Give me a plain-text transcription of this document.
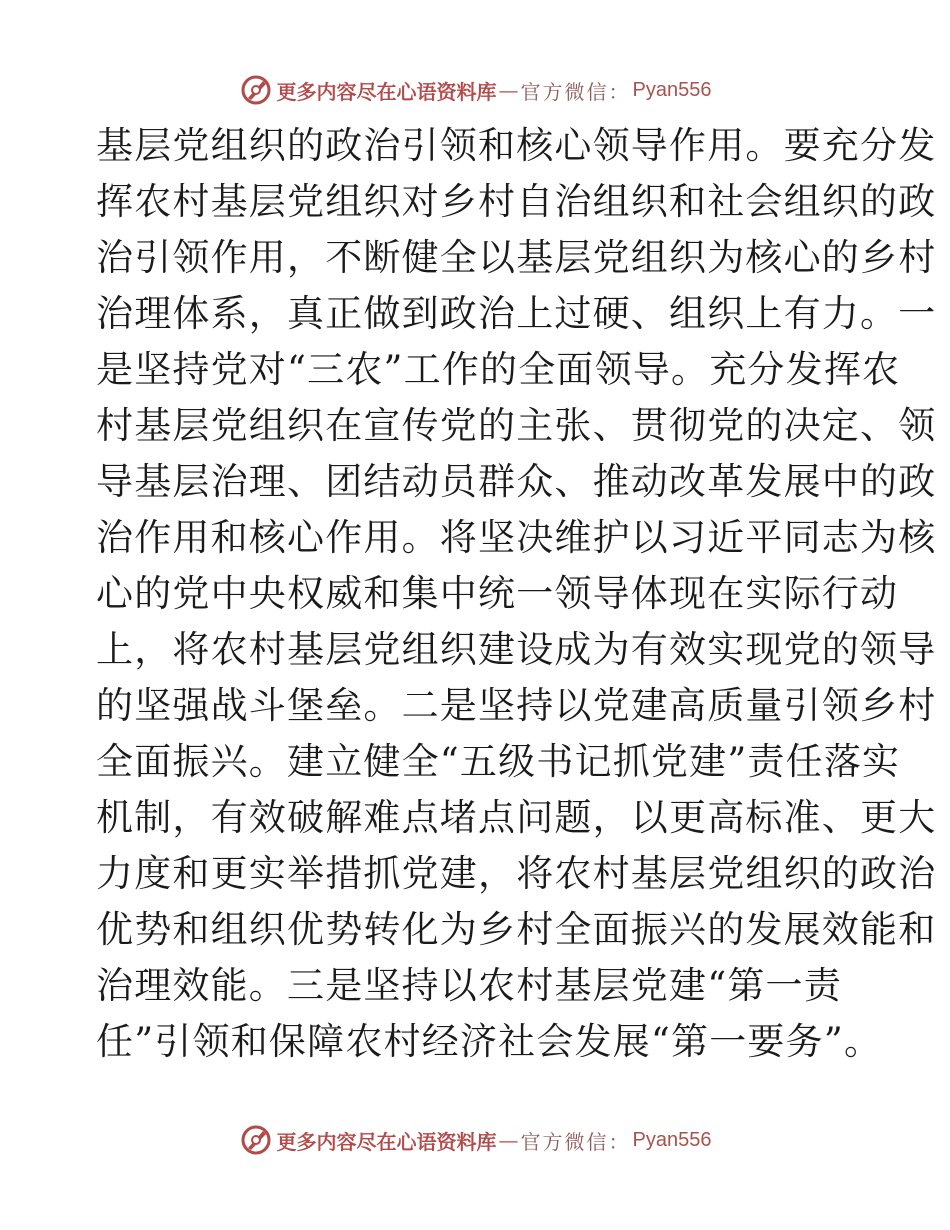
更多内容尽在心语资料库 — 官方微信： Pyan556
基层党组织的政治引领和核心领导作用。要充分发
挥农村基层党组织对乡村自治组织和社会组织的政
治引领作用，不断健全以基层党组织为核心的乡村
治理体系，真正做到政治上过硬、组织上有力。一
是坚持党对“三农”工作的全面领导。充分发挥农
村基层党组织在宣传党的主张、贯彻党的决定、领
导基层治理、团结动员群众、推动改革发展中的政
治作用和核心作用。将坚决维护以习近平同志为核
心的党中央权威和集中统一领导体现在实际行动
上，将农村基层党组织建设成为有效实现党的领导
的坚强战斗堡垒。二是坚持以党建高质量引领乡村
全面振兴。建立健全“五级书记抓党建”责任落实
机制，有效破解难点堵点问题，以更高标准、更大
力度和更实举措抓党建，将农村基层党组织的政治
优势和组织优势转化为乡村全面振兴的发展效能和
治理效能。三是坚持以农村基层党建“第一责
任”引领和保障农村经济社会发展“第一要务”。
更多内容尽在心语资料库 — 官方微信： Pyan556
